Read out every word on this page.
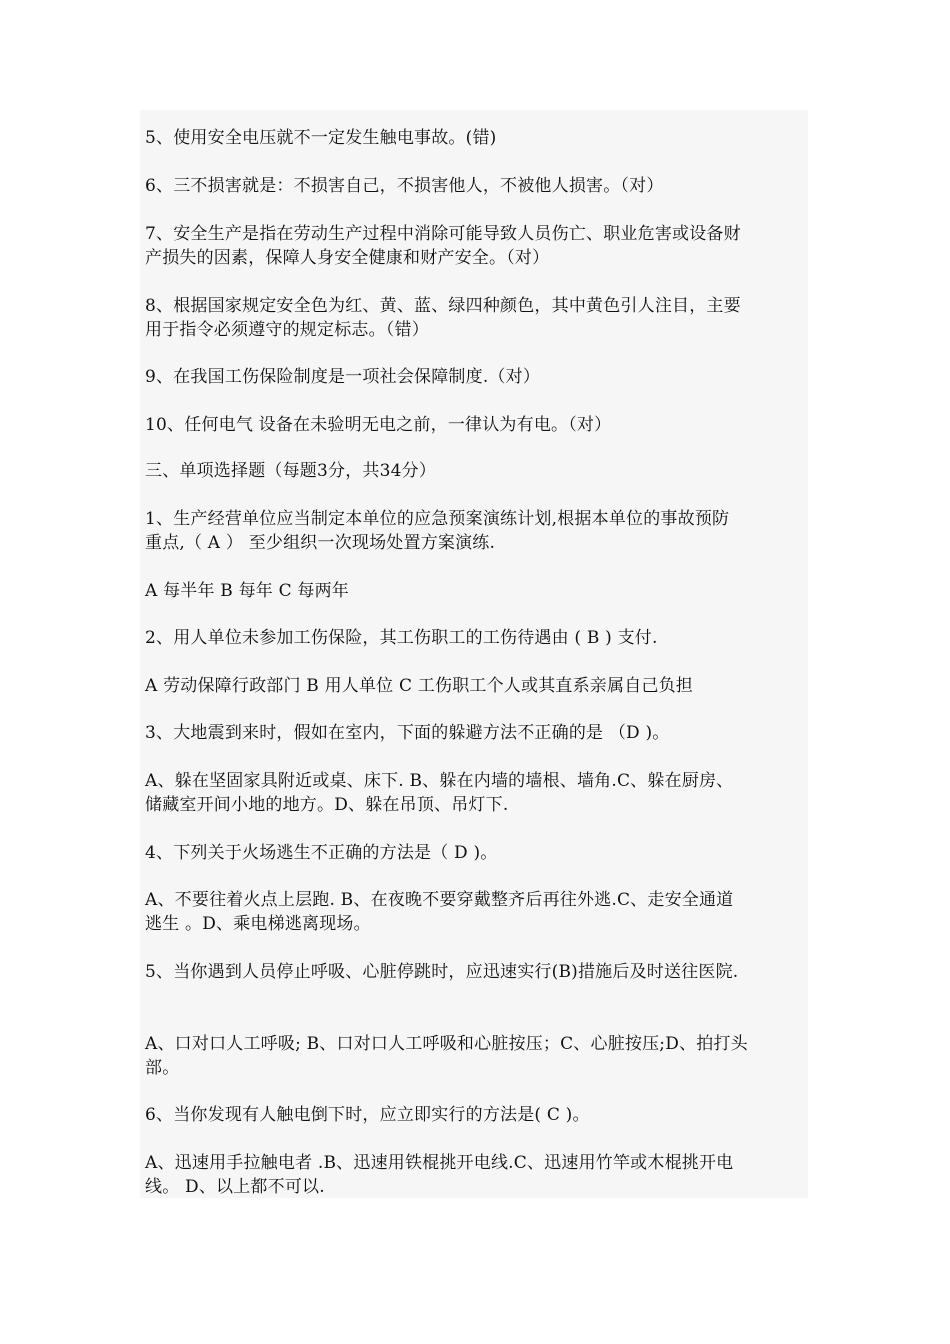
5、使用安全电压就不一定发生触电事故。(错)
6、三不损害就是：不损害自己，不损害他人，不被他人损害。（对）
7、安全生产是指在劳动生产过程中消除可能导致人员伤亡、职业危害或设备财
产损失的因素，保障人身安全健康和财产安全。（对）
8、根据国家规定安全色为红、黄、蓝、绿四种颜色，其中黄色引人注目，主要
用于指令必须遵守的规定标志。（错）
9、在我国工伤保险制度是一项社会保障制度.（对）
10、任何电气 设备在未验明无电之前，一律认为有电。（对）
三、单项选择题（每题3分，共34分）
1、生产经营单位应当制定本单位的应急预案演练计划,根据本单位的事故预防
重点,（ A ） 至少组织一次现场处置方案演练.
A 每半年 B 每年 C 每两年
2、用人单位未参加工伤保险，其工伤职工的工伤待遇由 ( B ) 支付.
A 劳动保障行政部门 B 用人单位 C 工伤职工个人或其直系亲属自己负担
3、大地震到来时，假如在室内，下面的躲避方法不正确的是 （D )。
A、躲在坚固家具附近或桌、床下. B、躲在内墙的墙根、墙角.C、躲在厨房、
储藏室开间小地的地方。D、躲在吊顶、吊灯下.
4、下列关于火场逃生不正确的方法是（ D )。
A、不要往着火点上层跑. B、在夜晚不要穿戴整齐后再往外逃.C、走安全通道
逃生 。D、乘电梯逃离现场。
5、当你遇到人员停止呼吸、心脏停跳时，应迅速实行(B)措施后及时送往医院.
A、口对口人工呼吸; B、口对口人工呼吸和心脏按压；C、心脏按压;D、拍打头
部。
6、当你发现有人触电倒下时，应立即实行的方法是( C )。
A、迅速用手拉触电者 .B、迅速用铁棍挑开电线.C、迅速用竹竿或木棍挑开电
线。 D、以上都不可以.
